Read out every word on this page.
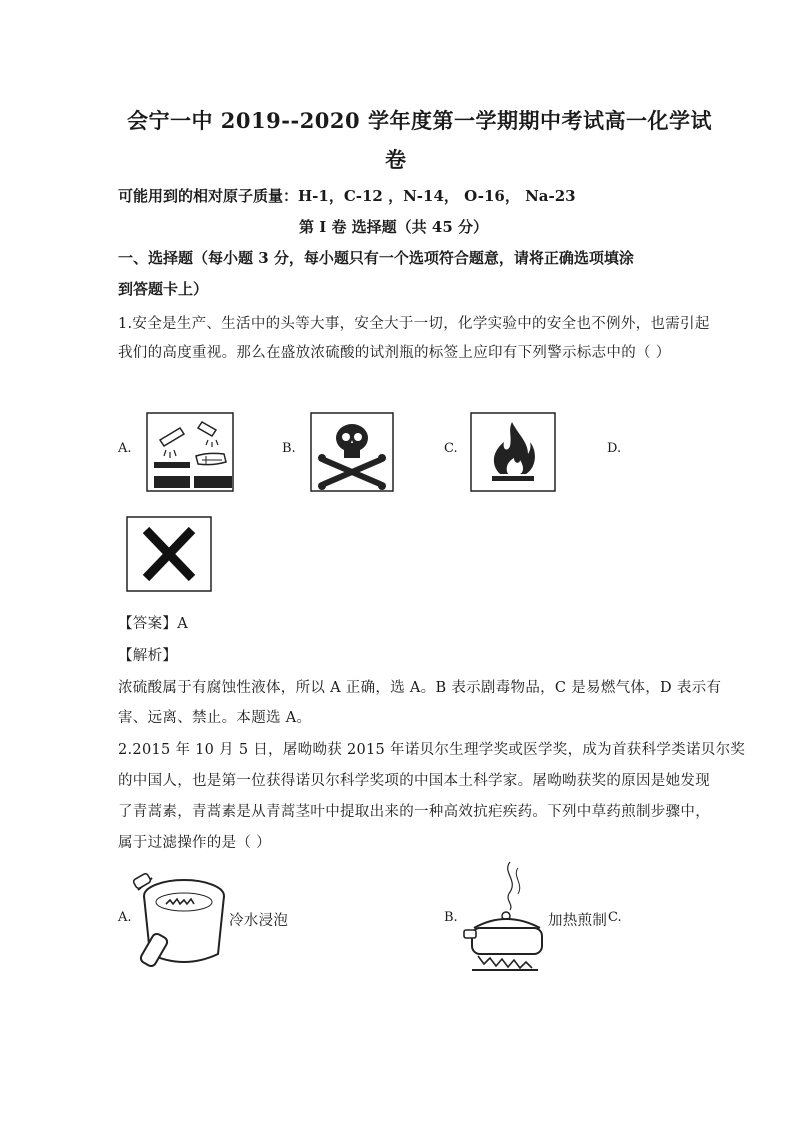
会宁一中 2019--2020 学年度第一学期期中考试高一化学试
卷
可能用到的相对原子质量：H-1，C-12 ，N-14， O-16， Na-23
第 I 卷 选择题（共 45 分）
一、选择题（每小题 3 分，每小题只有一个选项符合题意，请将正确选项填涂
到答题卡上）
1.安全是生产、生活中的头等大事，安全大于一切，化学实验中的安全也不例外，也需引起
我们的高度重视。那么在盛放浓硫酸的试剂瓶的标签上应印有下列警示标志中的（ ）
A.	B.	C.	D.
【答案】A
【解析】
浓硫酸属于有腐蚀性液体，所以 A 正确，选 A。B 表示剧毒物品，C 是易燃气体，D 表示有
害、远离、禁止。本题选 A。
2.2015 年 10 月 5 日，屠呦呦获 2015 年诺贝尔生理学奖或医学奖，成为首获科学类诺贝尔奖
的中国人，也是第一位获得诺贝尔科学奖项的中国本土科学家。屠呦呦获奖的原因是她发现
了青蒿素，青蒿素是从青蒿茎叶中提取出来的一种高效抗疟疾药。下列中草药煎制步骤中，
属于过滤操作的是（ ）
A.	冷水浸泡	B.	加热煎制 C.
